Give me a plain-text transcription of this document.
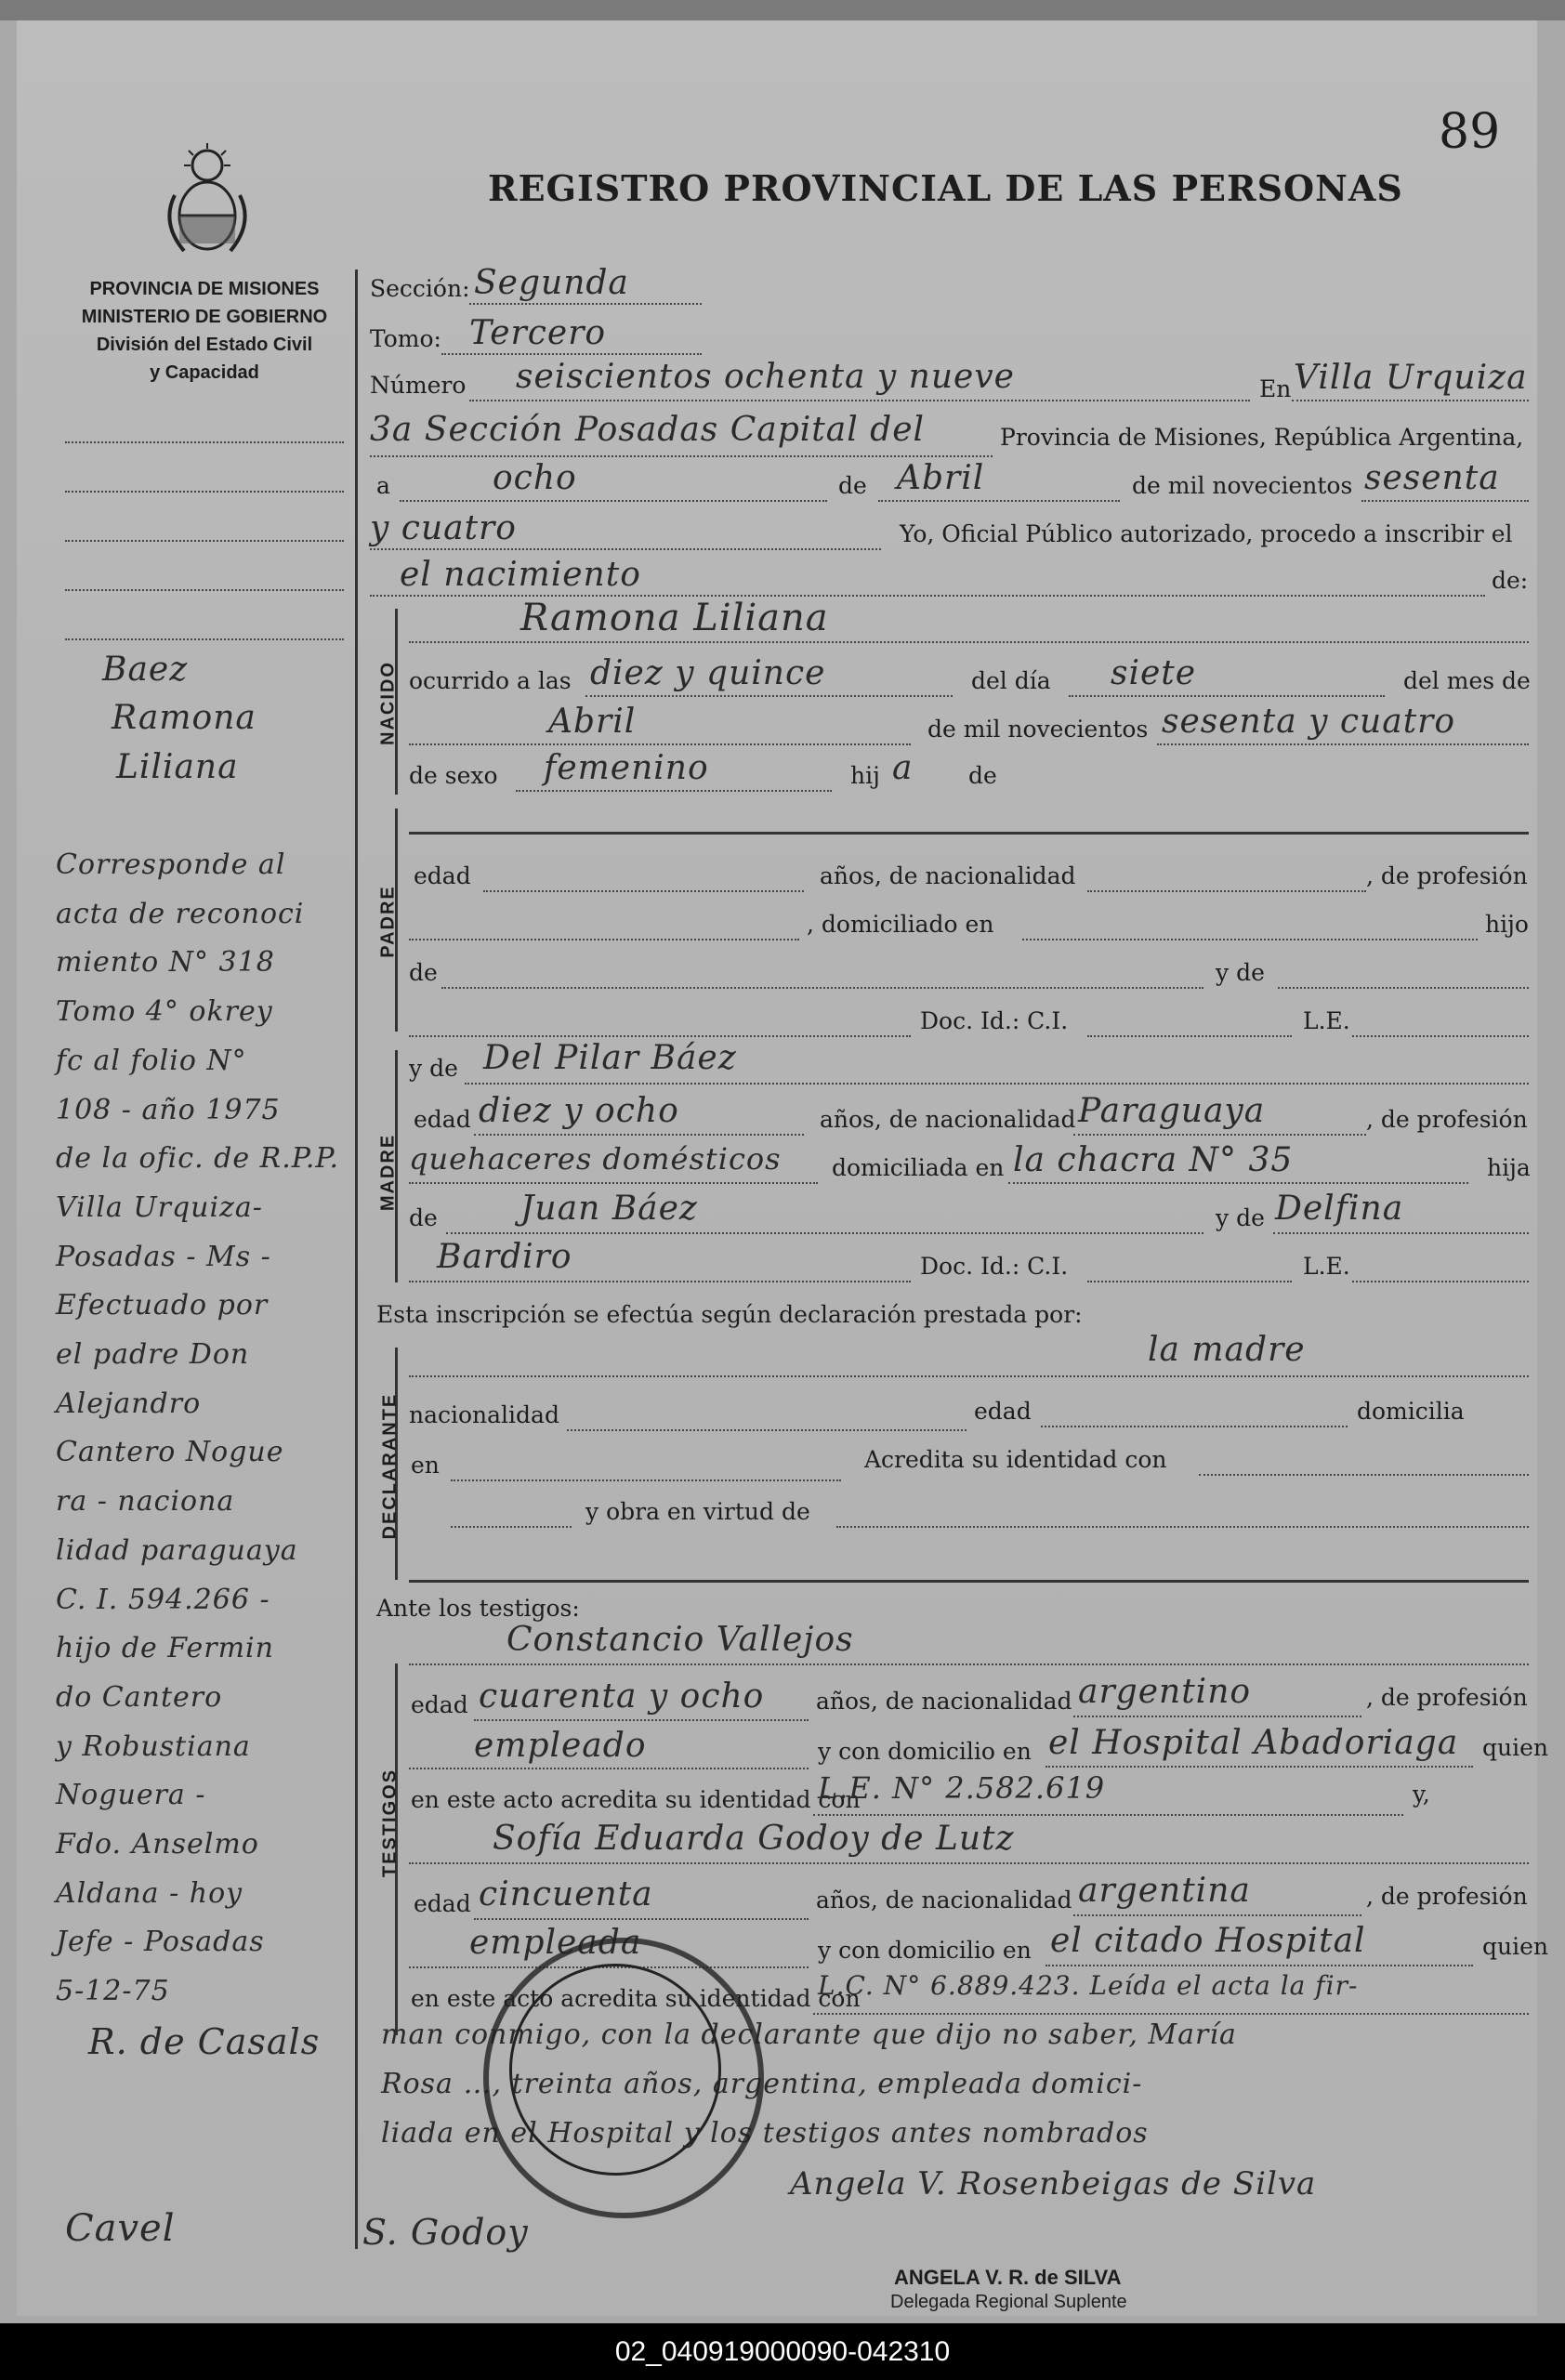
89
REGISTRO PROVINCIAL DE LAS PERSONAS
PROVINCIA DE MISIONES
MINISTERIO DE GOBIERNO
División del Estado Civil
y Capacidad
Baez
Ramona
Liliana
Corresponde al
acta de reconoci
miento N° 318
Tomo 4° okrey
fc al folio N°
108 - año 1975
de la ofic. de R.P.P.
Villa Urquiza-
Posadas - Ms -
Efectuado por
el padre Don
Alejandro
Cantero Nogue
ra - naciona
lidad paraguaya
C. I. 594.266 -
hijo de Fermin
do Cantero
y Robustiana
Noguera -
Fdo. Anselmo
Aldana - hoy
Jefe - Posadas
5-12-75
R. de Casals
Cavel
Sección: Segunda
Tomo: Tercero
Número seiscientos ochenta y nueve	En Villa Urquiza
3a Sección Posadas Capital del	Provincia de Misiones, República Argentina,
a	ocho	de Abril	de mil novecientos sesenta
y cuatro	Yo, Oficial Público autorizado, procedo a inscribir el
el nacimiento	de:
NACIDO
Ramona Liliana
ocurrido a las diez y quince	del día siete	del mes de
Abril	de mil novecientos sesenta y cuatro
de sexo femenino	hij a de
PADRE
edad	años, de nacionalidad	, de profesión
, domiciliado en	hijo
de	y de
Doc. Id.: C.I.	L.E.
MADRE
y de Del Pilar Báez
edad diez y ocho	años, de nacionalidad Paraguaya	, de profesión
quehaceres domésticos domiciliada en la chacra N° 35	hija
de Juan Báez	y de Delfina
Bardiro	Doc. Id.: C.I.	L.E.
Esta inscripción se efectúa según declaración prestada por:
la madre
DECLARANTE nacionalidad	edad	domicilia
en	Acredita su identidad con
y obra en virtud de
Ante los testigos:
Constancio Vallejos
TESTIGOS
edad cuarenta y ocho años, de nacionalidad argentino	, de profesión
empleado	y con domicilio en el Hospital Abadoriaga quien
en este acto acredita su identidad con
L.E. N° 2.582.619	y,
Sofía Eduarda Godoy de Lutz
edad cincuenta	años, de nacionalidad argentina	, de profesión
empleada	y con domicilio en el citado Hospital	quien
en este acto acredita su identidad con
L.C. N° 6.889.423. Leída el acta la fir-
man conmigo, con la declarante que dijo no saber, María
Rosa …, treinta años, argentina, empleada domici-
liada en el Hospital y los testigos antes nombrados
Angela V. Rosenbeigas de Silva
S. Godoy
ANGELA V. R. de SILVA
Delegada Regional Suplente
02_040919000090-042310
